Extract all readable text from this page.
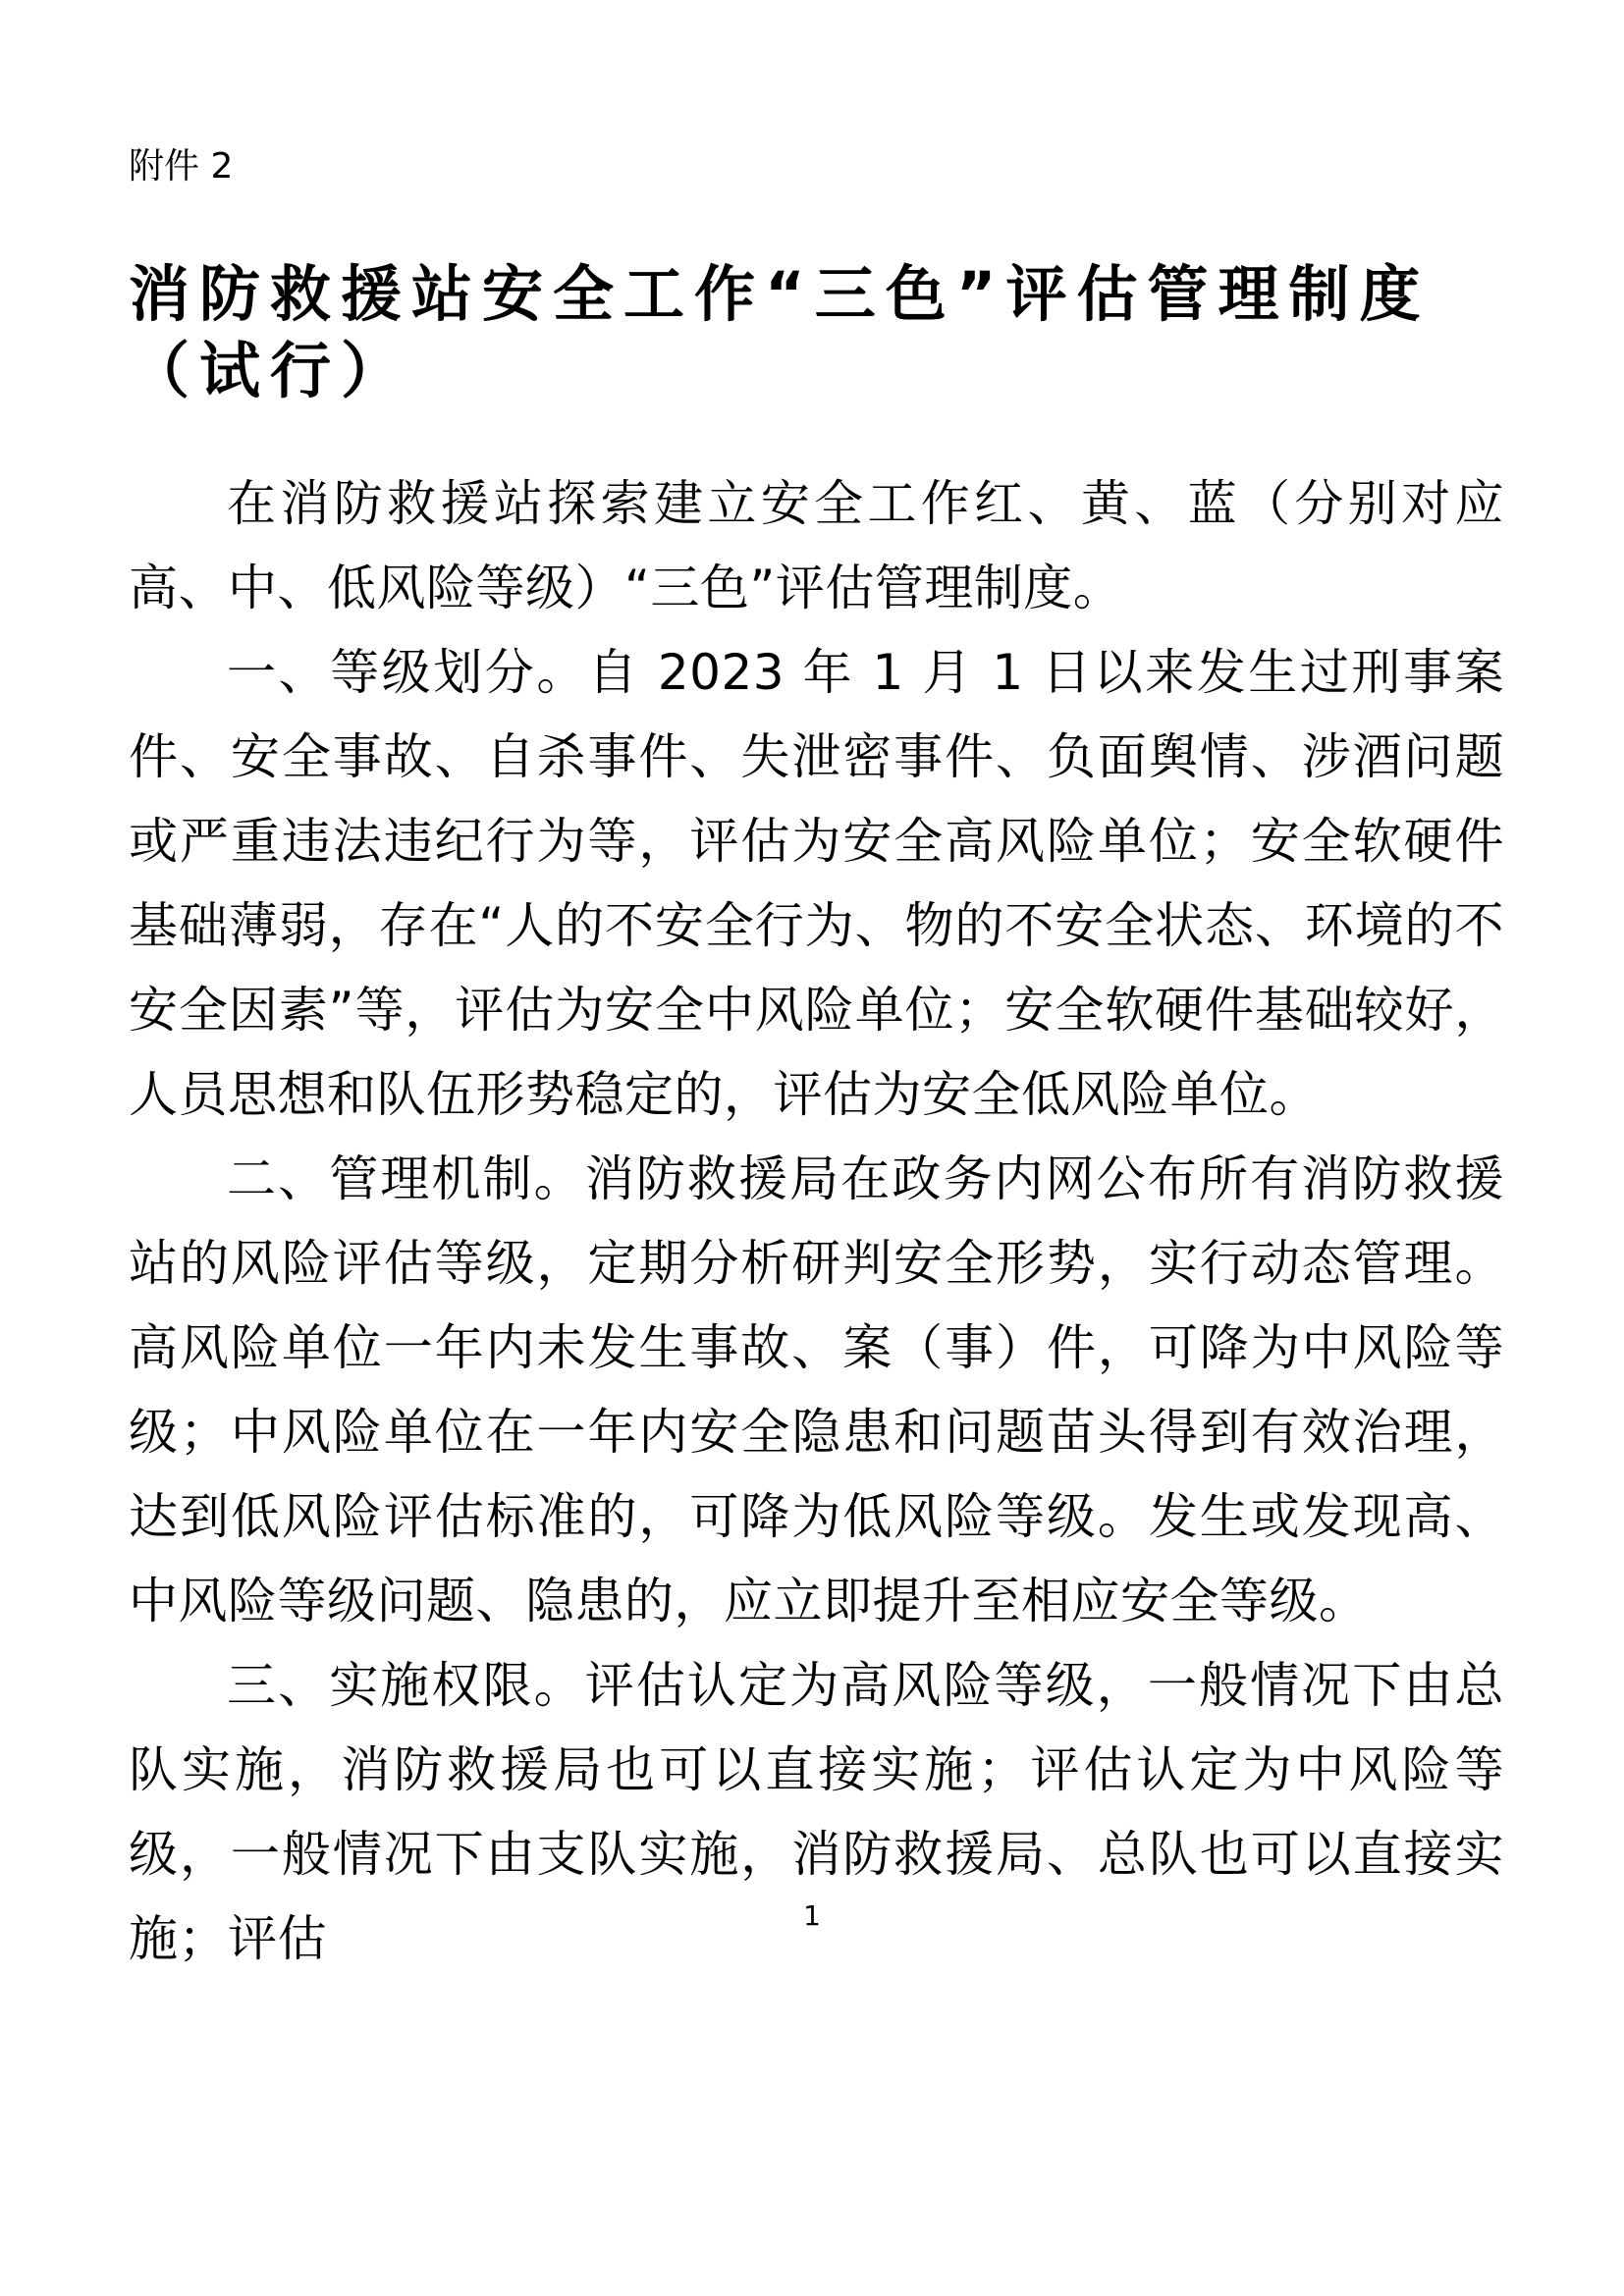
附件 2
消防救援站安全工作“三色”评估管理制度
（试行）

在消防救援站探索建立安全工作红、黄、蓝（分别对应高、中、低风险等级）“三色”评估管理制度。

一、等级划分。自 2023 年 1 月 1 日以来发生过刑事案件、安全事故、自杀事件、失泄密事件、负面舆情、涉酒问题或严重违法违纪行为等，评估为安全高风险单位；安全软硬件基础薄弱，存在“人的不安全行为、物的不安全状态、环境的不安全因素”等，评估为安全中风险单位；安全软硬件基础较好，人员思想和队伍形势稳定的，评估为安全低风险单位。

二、管理机制。消防救援局在政务内网公布所有消防救援站的风险评估等级，定期分析研判安全形势，实行动态管理。高风险单位一年内未发生事故、案（事）件，可降为中风险等级；中风险单位在一年内安全隐患和问题苗头得到有效治理，达到低风险评估标准的，可降为低风险等级。发生或发现高、中风险等级问题、隐患的，应立即提升至相应安全等级。

三、实施权限。评估认定为高风险等级，一般情况下由总队实施，消防救援局也可以直接实施；评估认定为中风险等级，一般情况下由支队实施，消防救援局、总队也可以直接实施；评估	1
